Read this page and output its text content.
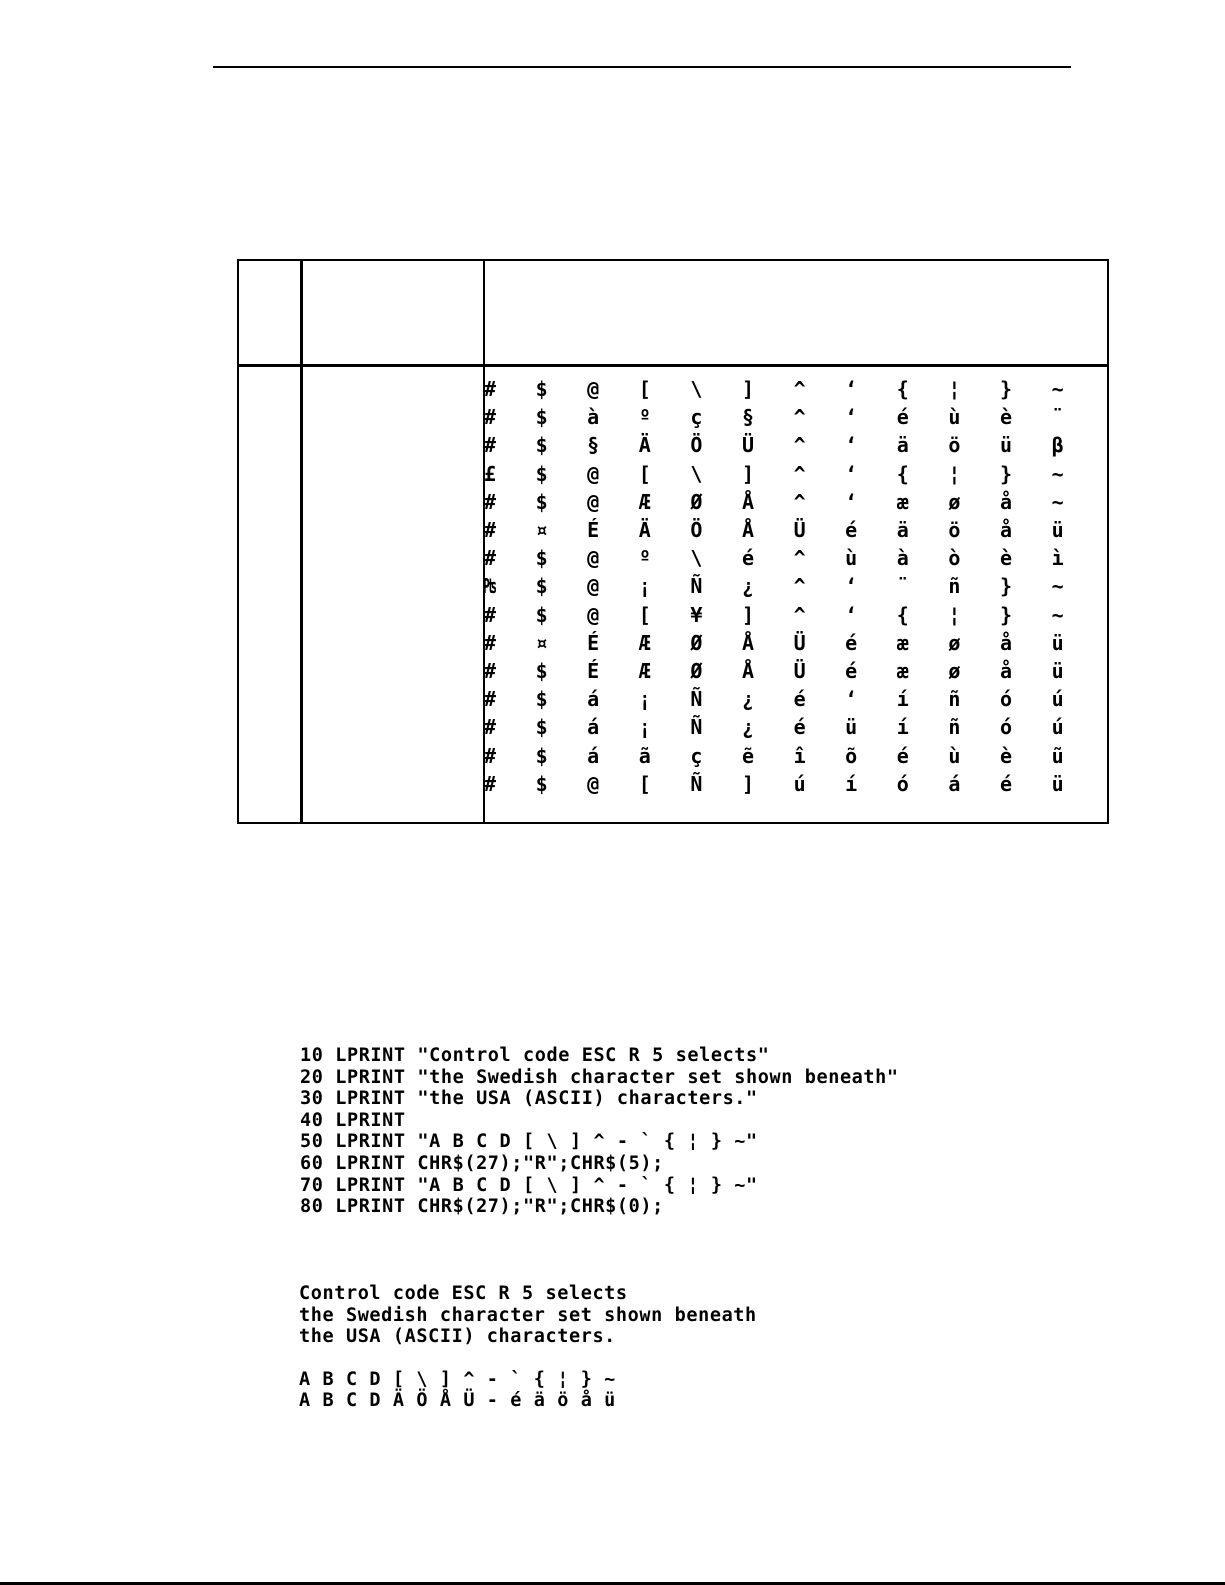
#	$	@	[	\	]	^	‘	{	¦	}	~
#	$	à	º	ç	§	^	‘	é	ù	è	¨
#	$	§	Ä	Ö	Ü	^	‘	ä	ö	ü	β
£	$	@	[	\	]	^	‘	{	¦	}	~
#	$	@	Æ	Ø	Å	^	‘	æ	ø	å	~
#	¤	É	Ä	Ö	Å	Ü	é	ä	ö	å	ü
#	$	@	º	\	é	^	ù	à	ò	è	ì
₧	$	@	¡	Ñ	¿	^	‘	¨	ñ	}	~
#	$	@	[	¥	]	^	‘	{	¦	}	~
#	¤	É	Æ	Ø	Å	Ü	é	æ	ø	å	ü
#	$	É	Æ	Ø	Å	Ü	é	æ	ø	å	ü
#	$	á	¡	Ñ	¿	é	‘	í	ñ	ó	ú
#	$	á	¡	Ñ	¿	é	ü	í	ñ	ó	ú
#	$	á	ã	ç	ẽ	î	õ	é	ù	è	ũ
#	$	@	[	Ñ	]	ú	í	ó	á	é	ü
10 LPRINT "Control code ESC R 5 selects"
20 LPRINT "the Swedish character set shown beneath"
30 LPRINT "the USA (ASCII) characters."
40 LPRINT
50 LPRINT "A B C D [ \ ] ^ - ` { ¦ } ~"
60 LPRINT CHR$(27);"R";CHR$(5);
70 LPRINT "A B C D [ \ ] ^ - ` { ¦ } ~"
80 LPRINT CHR$(27);"R";CHR$(0);
Control code ESC R 5 selects
the Swedish character set shown beneath
the USA (ASCII) characters.
A B C D [ \ ] ^ - ` { ¦ } ~
A B C D Ä Ö Å Ü - é ä ö å ü
